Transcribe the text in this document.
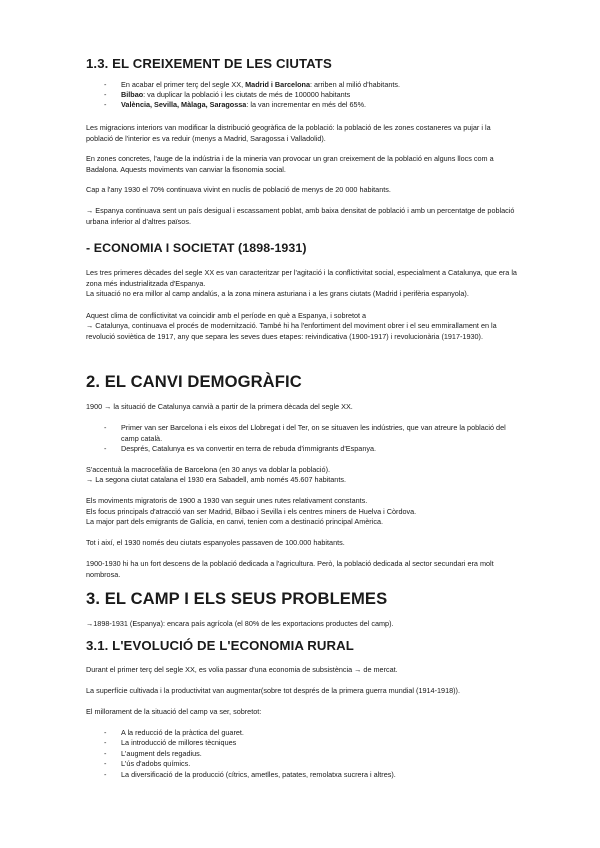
1.3. EL CREIXEMENT DE LES CIUTATS
- En acabar el primer terç del segle XX, Madrid i Barcelona: arriben al milió d'habitants.
- Bilbao: va duplicar la població i les ciutats de més de 100000 habitants
- València, Sevilla, Màlaga, Saragossa: la van incrementar en més del 65%.

Les migracions interiors van modificar la distribució geogràfica de la població: la població de les zones costaneres va pujar i la població de l'interior es va reduir (menys a Madrid, Saragossa i Valladolid).

En zones concretes, l'auge de la indústria i de la mineria van provocar un gran creixement de la població en alguns llocs com a Badalona. Aquests moviments van canviar la fisonomia social.

Cap a l'any 1930 el 70% continuava vivint en nuclis de població de menys de 20 000 habitants.

→ Espanya continuava sent un país desigual i escassament poblat, amb baixa densitat de població i amb un percentatge de població urbana inferior al d'altres països.

- ECONOMIA I SOCIETAT (1898-1931)

Les tres primeres dècades del segle XX es van caracteritzar per l'agitació i la conflictivitat social, especialment a Catalunya, que era la zona més industrialitzada d'Espanya.

La situació no era millor al camp andalús, a la zona minera asturiana i a les grans ciutats (Madrid i perifèria espanyola).

Aquest clima de conflictivitat va coincidir amb el període en què a Espanya, i sobretot a

→ Catalunya, continuava el procés de modernització. També hi ha l'enfortiment del moviment obrer i el seu emmirallament en la revolució soviètica de 1917, any que separa les seves dues etapes: reivindicativa (1900-1917) i revolucionària (1917-1930).

2. EL CANVI DEMOGRÀFIC

1900 → la situació de Catalunya canvià a partir de la primera dècada del segle XX.

- Primer van ser Barcelona i els eixos del Llobregat i del Ter, on se situaven les indústries, que van atreure la població del camp català.
- Després, Catalunya es va convertir en terra de rebuda d'immigrants d'Espanya.

S'accentuà la macrocefàlia de Barcelona (en 30 anys va doblar la població).

→ La segona ciutat catalana el 1930 era Sabadell, amb només 45.607 habitants.

Els moviments migratoris de 1900 a 1930 van seguir unes rutes relativament constants.

Els focus principals d'atracció van ser Madrid, Bilbao i Sevilla i els centres miners de Huelva i Còrdova.

La major part dels emigrants de Galícia, en canvi, tenien com a destinació principal Amèrica.

Tot i així, el 1930 només deu ciutats espanyoles passaven de 100.000 habitants.

1900-1930 hi ha un fort descens de la població dedicada a l'agricultura. Però, la població dedicada al sector secundari era molt nombrosa.

3. EL CAMP I ELS SEUS PROBLEMES

→1898-1931 (Espanya): encara país agrícola (el 80% de les exportacions productes del camp).

3.1. L'EVOLUCIÓ DE L'ECONOMIA RURAL

Durant el primer terç del segle XX, es volia passar d'una economia de subsistència → de mercat.

La superfície cultivada i la productivitat van augmentar(sobre tot després de la primera guerra mundial (1914-1918)).

El millorament de la situació del camp va ser, sobretot:

- A la reducció de la pràctica del guaret.
- La introducció de millores tècniques
- L'augment dels regadius.
- L'ús d'adobs químics.
- La diversificació de la producció (cítrics, ametlles, patates, remolatxa sucrera i altres).
